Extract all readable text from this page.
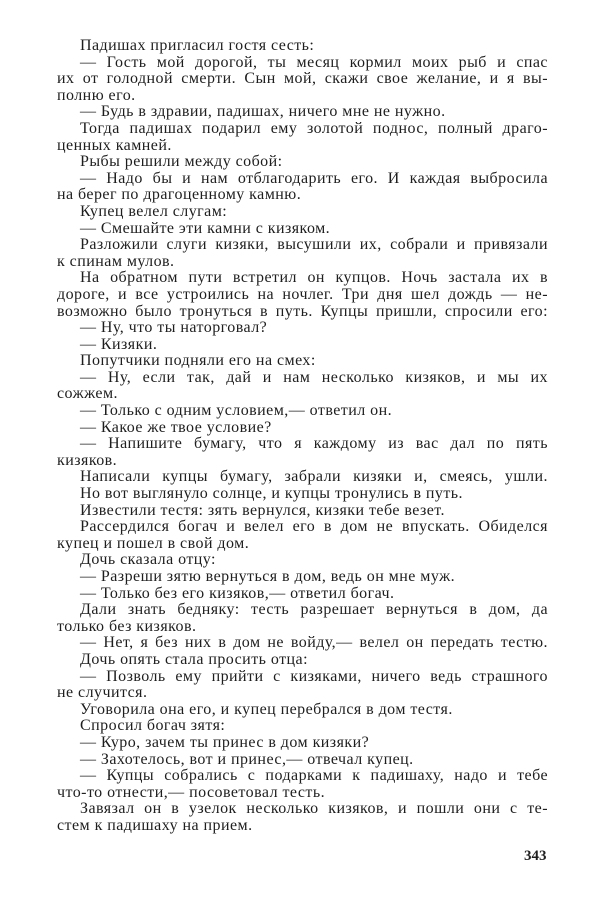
Падишах пригласил гостя сесть:
— Гость мой дорогой, ты месяц кормил моих рыб и спас
их от голодной смерти. Сын мой, скажи свое желание, и я вы-
полню его.
— Будь в здравии, падишах, ничего мне не нужно.
Тогда падишах подарил ему золотой поднос, полный драго-
ценных камней.
Рыбы решили между собой:
— Надо бы и нам отблагодарить его. И каждая выбросила
на берег по драгоценному камню.
Купец велел слугам:
— Смешайте эти камни с кизяком.
Разложили слуги кизяки, высушили их, собрали и привязали
к спинам мулов.
На обратном пути встретил он купцов. Ночь застала их в
дороге, и все устроились на ночлег. Три дня шел дождь — не-
возможно было тронуться в путь. Купцы пришли, спросили его:
— Ну, что ты наторговал?
— Кизяки.
Попутчики подняли его на смех:
— Ну, если так, дай и нам несколько кизяков, и мы их
сожжем.
— Только с одним условием,— ответил он.
— Какое же твое условие?
— Напишите бумагу, что я каждому из вас дал по пять
кизяков.
Написали купцы бумагу, забрали кизяки и, смеясь, ушли.
Но вот выглянуло солнце, и купцы тронулись в путь.
Известили тестя: зять вернулся, кизяки тебе везет.
Рассердился богач и велел его в дом не впускать. Обиделся
купец и пошел в свой дом.
Дочь сказала отцу:
— Разреши зятю вернуться в дом, ведь он мне муж.
— Только без его кизяков,— ответил богач.
Дали знать бедняку: тесть разрешает вернуться в дом, да
только без кизяков.
— Нет, я без них в дом не войду,— велел он передать тестю.
Дочь опять стала просить отца:
— Позволь ему прийти с кизяками, ничего ведь страшного
не случится.
Уговорила она его, и купец перебрался в дом тестя.
Спросил богач зятя:
— Куро, зачем ты принес в дом кизяки?
— Захотелось, вот и принес,— отвечал купец.
— Купцы собрались с подарками к падишаху, надо и тебе
что-то отнести,— посоветовал тесть.
Завязал он в узелок несколько кизяков, и пошли они с те-
стем к падишаху на прием.
343
